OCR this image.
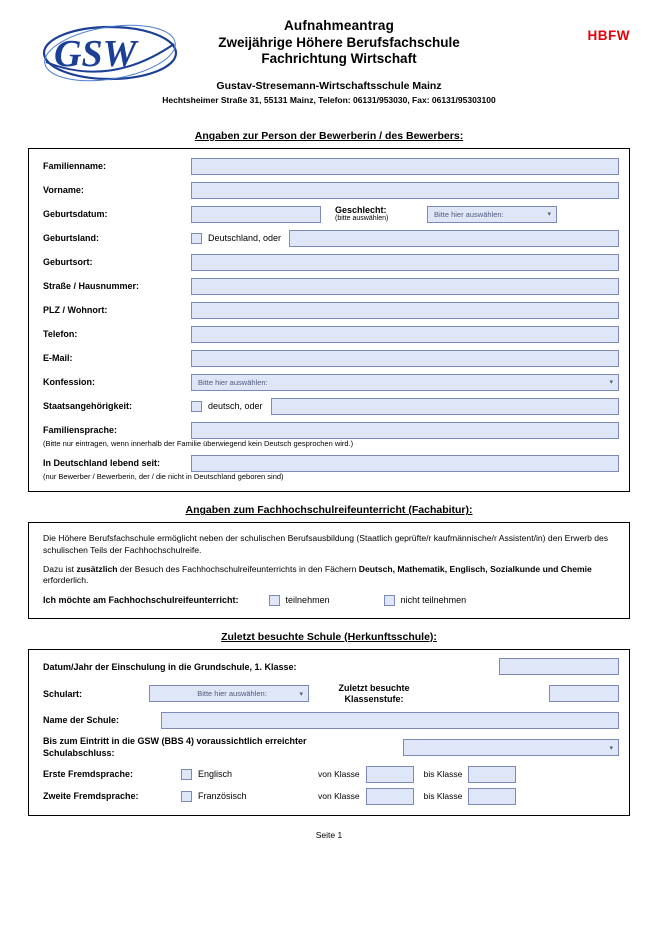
GSW	HBFW
Aufnahmeantrag
Zweijährige Höhere Berufsfachschule
Fachrichtung Wirtschaft
Gustav-Stresemann-Wirtschaftsschule Mainz
Hechtsheimer Straße 31, 55131 Mainz, Telefon: 06131/953030, Fax: 06131/95303100
Angaben zur Person der Bewerberin / des Bewerbers:
Familienname:
Vorname:
Geburtsdatum:	Geschlecht:
(bitte auswählen)
Bitte hier auswählen:	▾
Geburtsland:	Deutschland, oder
Geburtsort:
Straße / Hausnummer:
PLZ / Wohnort:
Telefon:
E-Mail:
Konfession:	Bitte hier auswählen:	▾
Staatsangehörigkeit:	deutsch, oder
Familiensprache:
(Bitte nur eintragen, wenn innerhalb der Familie überwiegend kein Deutsch gesprochen wird.)
In Deutschland lebend seit:
(nur Bewerber / Bewerberin, der / die nicht in Deutschland geboren sind)
Angaben zum Fachhochschulreifeunterricht (Fachabitur):
Die Höhere Berufsfachschule ermöglicht neben der schulischen Berufsausbildung (Staatlich geprüfte/r kaufmännische/r Assistent/in) den Erwerb des schulischen Teils der Fachhochschulreife.
Dazu ist zusätzlich der Besuch des Fachhochschulreifeunterrichts in den Fächern Deutsch, Mathematik, Englisch, Sozialkunde und Chemie erforderlich.
Ich möchte am Fachhochschulreifeunterricht:	teilnehmen	nicht teilnehmen
Zuletzt besuchte Schule (Herkunftsschule):
Datum/Jahr der Einschulung in die Grundschule, 1. Klasse:
Schulart:	Bitte hier auswählen:	▾
Zuletzt besuchte Klassenstufe:
Name der Schule:
Bis zum Eintritt in die GSW (BBS 4) voraussichtlich erreichter Schulabschluss:	▾
Erste Fremdsprache:	Englisch	von Klasse	bis Klasse
Zweite Fremdsprache:	Französisch	von Klasse	bis Klasse
Seite 1
